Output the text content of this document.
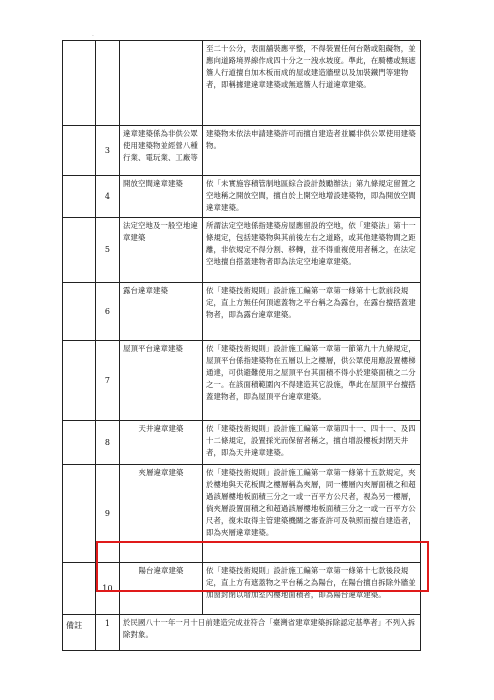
·
			至二十公分，表面舖裝應平整，不得裝置任何台階或阻礙物，並應向道路境界線作成四十分之一洩水坡度。準此，在騎樓或無遮簷人行道擅自加木板而成的屋或建造牆壁以及加裝鐵門等建物者，即稱據建違章建築或無遮簷人行道違章建築。
	3	違章建築係為非供公眾使用建築物並經營八種行業、電玩業、工廠等	建築物未依法申請建築許可而擅自建造者並屬非供公眾使用建築物。
	4	開放空間違章建築	依「未實施容積管制地區綜合設計鼓勵辦法」第九條規定留置之空地稱之開放空間，擅自於上開空地增設建築物，即為開放空間違章建築。
	5	法定空地及一般空地違章建築	所謂法定空地係指建築房屋應留設的空地，依「建築法」第十一條規定，包括建築物與其前後左右之道路，或其他建築物間之距離，非依規定不得分割、移轉，並不得重複使用者稱之，在法定空地擅自搭蓋建物者即為法定空地違章建築。
	6	露台違章建築	依「建築技術規則」設計施工編第一章第一條第十七款前段規定，直上方無任何頂遮蓋物之平台稱之為露台，在露台擅搭蓋建物者，即為露台違章建築。
	7	屋頂平台違章建築	依「建築技術規則」設計施工編第一章第一節第九十九條規定，屋頂平台係指建築物在五層以上之樓層，供公眾使用應設置樓梯通達，可供避難使用之屋頂平台其面積不得小於建築面積之二分之一。在該面積範圍內不得建造其它設施，準此在屋頂平台擅搭蓋建物者，即為屋頂平台違章建築。
	8	天井違章建築	依「建築技術規則」設計施工編第一章第四十一、四十一、及四十二條規定，設置採光而保留者稱之，擅自增設樓板封閉天井者，即為天井違章建築。
	9	夾層違章建築	依「建築技術規則」設計施工編第一章第一條第十五款規定，夾於樓地與天花板間之樓層稱為夾層，同一樓層內夾層面積之和超過該層樓地板面積三分之一或一百平方公尺者，視為另一樓層，倘夾層設置面積之和超過該層樓地板面積三分之一或一百平方公尺者，復未取得主管建築機關之審查許可及執照而擅自建造者，即為夾層違章建築。
	10	陽台違章建築	依「建築技術規則」設計施工編第一章第一條第十七款後段規定，直上方有遮蓋物之平台稱之為陽台，在陽台擅自拆除外牆並加窗封閉以增加室內樓地面積者，即為陽台違章建築。
備註	1	於民國八十一年一月十日前建造完成並符合「臺灣省建章建築拆除認定基準者」不列入拆除對象。	
